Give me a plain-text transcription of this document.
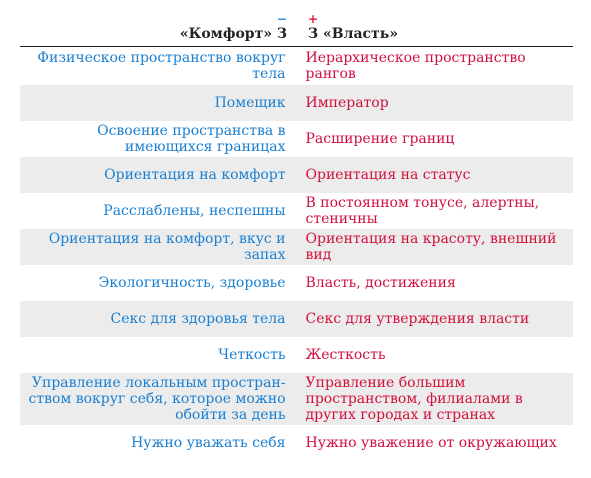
«Комфорт» З
−
З
+
«Власть»
Физическое пространство вокруг тела
Иерархическое пространство рангов
Помещик Император
Освоение пространства в имеющихся границах Расширение границ
Ориентация на комфорт Ориентация на статус
Расслаблены, неспешны В постоянном тонусе, алертны, стеничны
Ориентация на комфорт, вкус и запах
Ориентация на красоту, внешний вид
Экологичность, здоровье Власть, достижения
Секс для здоровья тела Секс для утверждения власти
Четкость Жесткость
Управление локальным простран-ством вокруг себя, которое можно обойти за день
Управление большим пространством, филиалами в других городах и странах
Нужно уважать себя Нужно уважение от окружающих
